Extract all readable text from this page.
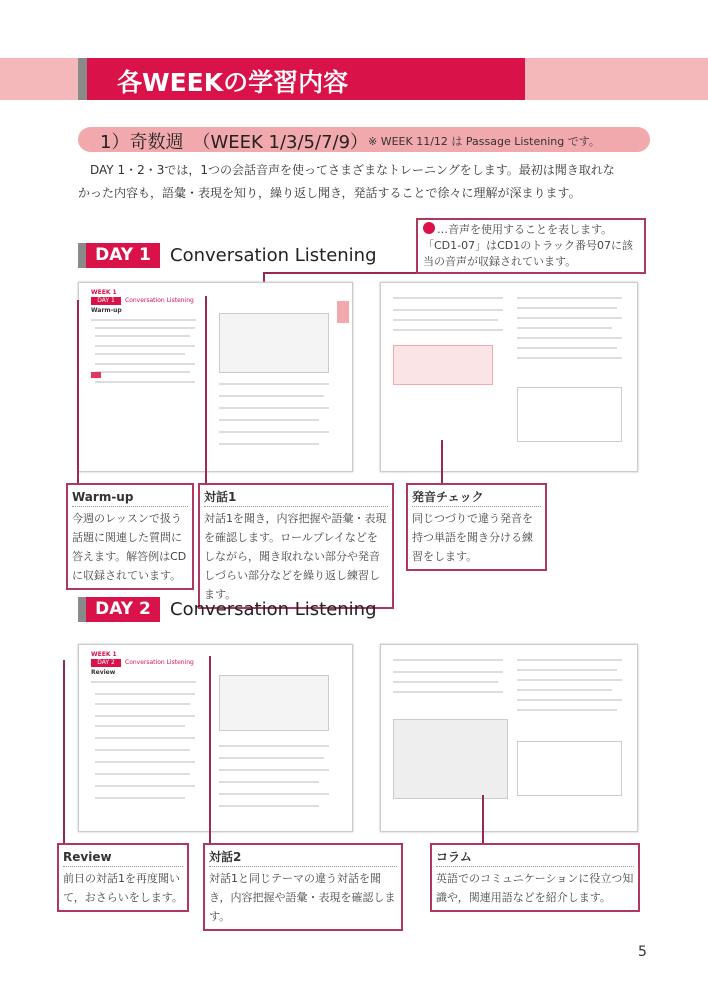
各WEEKの学習内容
1）奇数週　（WEEK 1/3/5/7/9） ※ WEEK 11/12 は Passage Listening です。
　DAY 1・2・3では，1つの会話音声を使ってさまざまなトレーニングをします。最初は聞き取れな
かった内容も，語彙・表現を知り，繰り返し聞き，発話することで徐々に理解が深まります。
DAY 1	Conversation Listening
…音声を使用することを表します。
「CD1-07」はCD1のトラック番号07に該
当の音声が収録されています。
WEEK 1
DAY 1	Conversation Listening
Warm-up
Warm-up
今週のレッスンで扱う話題に関連した質問に答えます。解答例はCDに収録されています。
対話1
対話1を聞き，内容把握や語彙・表現を確認します。ロールプレイなどをしながら，聞き取れない部分や発音しづらい部分などを繰り返し練習します。
発音チェック
同じつづりで違う発音を持つ単語を聞き分ける練習をします。
DAY 2	Conversation Listening
WEEK 1
DAY 2	Conversation Listening
Review
Review
前日の対話1を再度聞いて，おさらいをします。
対話2
対話1と同じテーマの違う対話を聞き，内容把握や語彙・表現を確認します。
コラム
英語でのコミュニケーションに役立つ知識や，関連用語などを紹介します。
5
